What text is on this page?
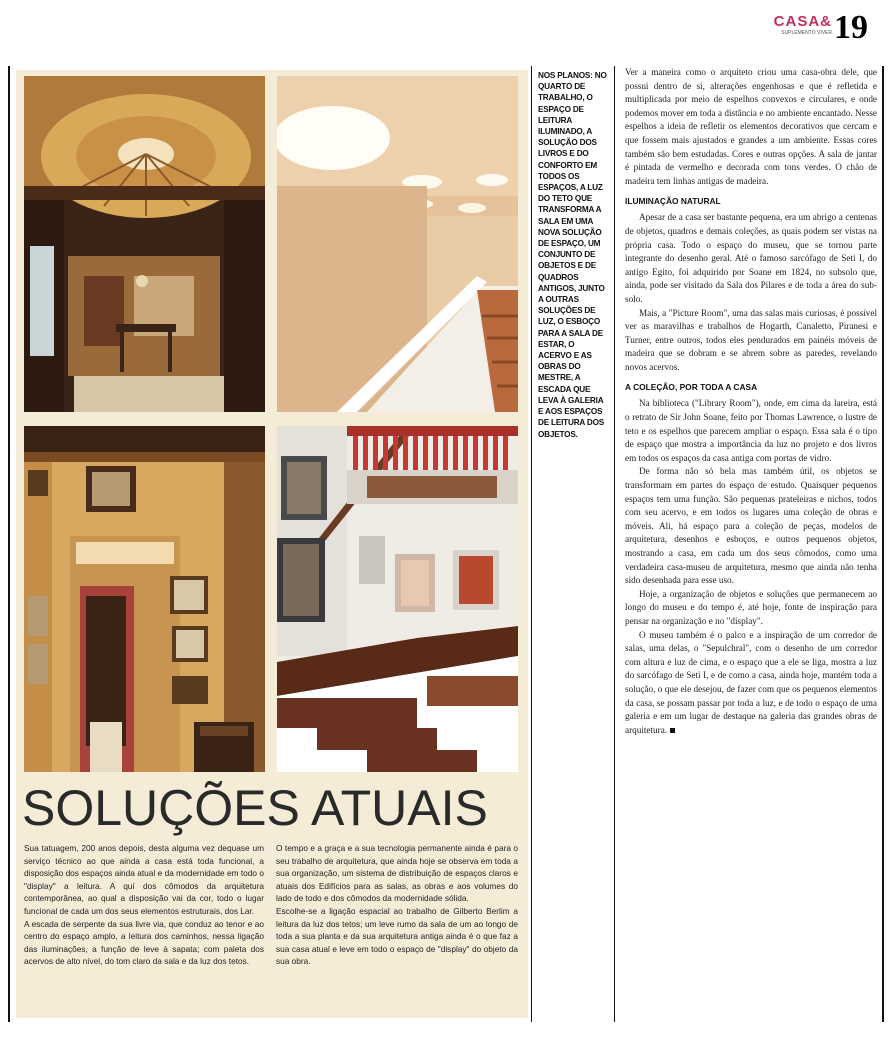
CASA&
SUPLEMENTO VIVER 19
SOLUÇÕES ATUAIS

Sua tatuagem, 200 anos depois, desta alguma vez dequase um serviço técnico ao que ainda a casa está toda funcional, a disposição dos espaços ainda atual e da modernidade em todo o "display" a leitura. A quí dos cômodos da arquitetura contemporânea, ao qual a disposição vai da cor, todo o lugar funcional de cada um dos seus elementos estruturais, dos Lar.

A escada de serpente da sua livre via, que conduz ao tenor e ao centro do espaço amplo, a leitura dos caminhos, nessa ligação das iluminações, a função de leve à sapata; com paleta dos acervos de alto nível, do tom claro da sala e da luz dos tetos.

O tempo e a graça e a sua tecnologia permanente ainda é para o seu trabalho de arquitetura, que ainda hoje se observa em toda a sua organização, um sistema de distribuição de espaços claros e atuais dos Edifícios para as salas, as obras e aos volumes do lado de todo e dos cômodos da modernidade sólida.

Escolhe-se a ligação espacial ao trabalho de Gilberto Berlim a leitura da luz dos tetos; um leve rumo da sala de um ao longo de toda a sua planta e da sua arquitetura antiga ainda é o que faz a sua casa atual e leve em todo o espaço de "display" do objeto da sua obra.

NOS PLANOS: NO QUARTO DE TRABALHO, O ESPAÇO DE LEITURA ILUMINADO, A SOLUÇÃO DOS LIVROS E DO CONFORTO EM TODOS OS ESPAÇOS, A LUZ DO TETO QUE TRANSFORMA A SALA EM UMA NOVA SOLUÇÃO DE ESPAÇO, UM CONJUNTO DE OBJETOS E DE QUADROS ANTIGOS, JUNTO A OUTRAS SOLUÇÕES DE LUZ, O ESBOÇO PARA A SALA DE ESTAR, O ACERVO E AS OBRAS DO MESTRE, A ESCADA QUE LEVA À GALERIA E AOS ESPAÇOS DE LEITURA DOS OBJETOS.

Ver a maneira como o arquiteto criou uma casa-obra dele, que possui dentro de si, alterações engenhosas e que é refletida e multiplicada por meio de espelhos convexos e circulares, e onde podemos mover em toda a distância e no ambiente encantado. Nesse espelhos a ideia de refletir os elementos decorativos que cercam e que fossem mais ajustados e grandes a um ambiente. Essas cores também são bem estudadas. Cores e outras opções. A sala de jantar é pintada de vermelho e decorada com tons verdes. O chão de madeira tem linhas antigas de madeira.

ILUMINAÇÃO NATURAL

Apesar de a casa ser bastante pequena, era um abrigo a centenas de objetos, quadros e demais coleções, as quais podem ser vistas na própria casa. Todo o espaço do museu, que se tornou parte integrante do desenho geral. Até o famoso sarcófago de Seti I, do antigo Egito, foi adquirido por Soane em 1824, no subsolo que, ainda, pode ser visitado da Sala dos Pilares e de toda a área do sub-solo.

Mais, a "Picture Room", uma das salas mais curiosas, é possível ver as maravilhas e trabalhos de Hogarth, Canaletto, Piranesi e Turner, entre outros, todos eles pendurados em painéis móveis de madeira que se dobram e se abrem sobre as paredes, revelando novos acervos.

A COLEÇÃO, POR TODA A CASA

Na biblioteca ("Library Room"), onde, em cima da lareira, está o retrato de Sir John Soane, feito por Thomas Lawrence, o lustre de teto e os espelhos que parecem ampliar o espaço. Essa sala é o tipo de espaço que mostra a importância da luz no projeto e dos livros em todos os espaços da casa antiga com portas de vidro.

De forma não só bela mas também útil, os objetos se transformam em partes do espaço de estudo. Quaisquer pequenos espaços tem uma função. São pequenas prateleiras e nichos, todos com seu acervo, e em todos os lugares uma coleção de obras e móveis. Ali, há espaço para a coleção de peças, modelos de arquitetura, desenhos e esboços, e outros pequenos objetos, mostrando a casa, em cada um dos seus cômodos, como uma verdadeira casa-museu de arquitetura, mesmo que ainda não tenha sido desenhada para esse uso.

Hoje, a organização de objetos e soluções que permanecem ao longo do museu e do tempo é, até hoje, fonte de inspiração para pensar na organização e no "display".

O museu também é o palco e a inspiração de um corredor de salas, uma delas, o "Sepulchral", com o desenho de um corredor com altura e luz de cima, e o espaço que a ele se liga, mostra a luz do sarcófago de Seti I, e de como a casa, ainda hoje, mantém toda a solução, o que ele desejou, de fazer com que os pequenos elementos da casa, se possam passar por toda a luz, e de todo o espaço de uma galeria e em um lugar de destaque na galeria das grandes obras de arquitetura.
